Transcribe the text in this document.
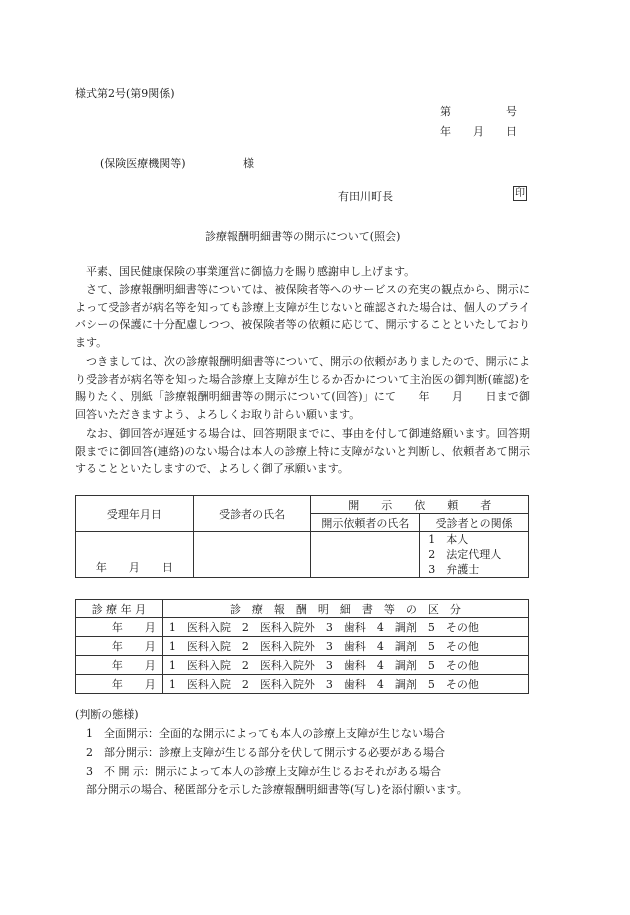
様式第2号(第9関係)
第　　　　　号
年　　月　　日
(保険医療機関等)	様
有田川町長	印
診療報酬明細書等の開示について(照会)
平素、国民健康保険の事業運営に御協力を賜り感謝申し上げます。
さて、診療報酬明細書等については、被保険者等へのサービスの充実の観点から、開示によって受診者が病名等を知っても診療上支障が生じないと確認された場合は、個人のプライバシーの保護に十分配慮しつつ、被保険者等の依頼に応じて、開示することといたしております。
つきましては、次の診療報酬明細書等について、開示の依頼がありましたので、開示により受診者が病名等を知った場合診療上支障が生じるか否かについて主治医の御判断(確認)を賜りたく、別紙「診療報酬明細書等の開示について(回答)」にて　　年　　月　　日まで御回答いただきますよう、よろしくお取り計らい願います。
なお、御回答が遅延する場合は、回答期限までに、事由を付して御連絡願います。回答期限までに御回答(連絡)のない場合は本人の診療上特に支障がないと判断し、依頼者あて開示することといたしますので、よろしく御了承願います。
受理年月日	受診者の氏名	開　　示　　依　　頼　　者	
		開示依頼者の氏名	受診者との関係
年　　月　　日			1　本人
2　法定代理人
3　弁護士
診 療 年 月	診　療　報　酬　明　細　書　等　の　区　分
年　　月	1　医科入院　2　医科入院外　3　歯科　4　調剤　5　その他
年　　月	1　医科入院　2　医科入院外　3　歯科　4　調剤　5　その他
年　　月	1　医科入院　2　医科入院外　3　歯科　4　調剤　5　その他
年　　月	1　医科入院　2　医科入院外　3　歯科　4　調剤　5　その他
(判断の態様)
1　全面開示：全面的な開示によっても本人の診療上支障が生じない場合
2　部分開示：診療上支障が生じる部分を伏して開示する必要がある場合
3　不 開 示：開示によって本人の診療上支障が生じるおそれがある場合
部分開示の場合、秘匿部分を示した診療報酬明細書等(写し)を添付願います。
